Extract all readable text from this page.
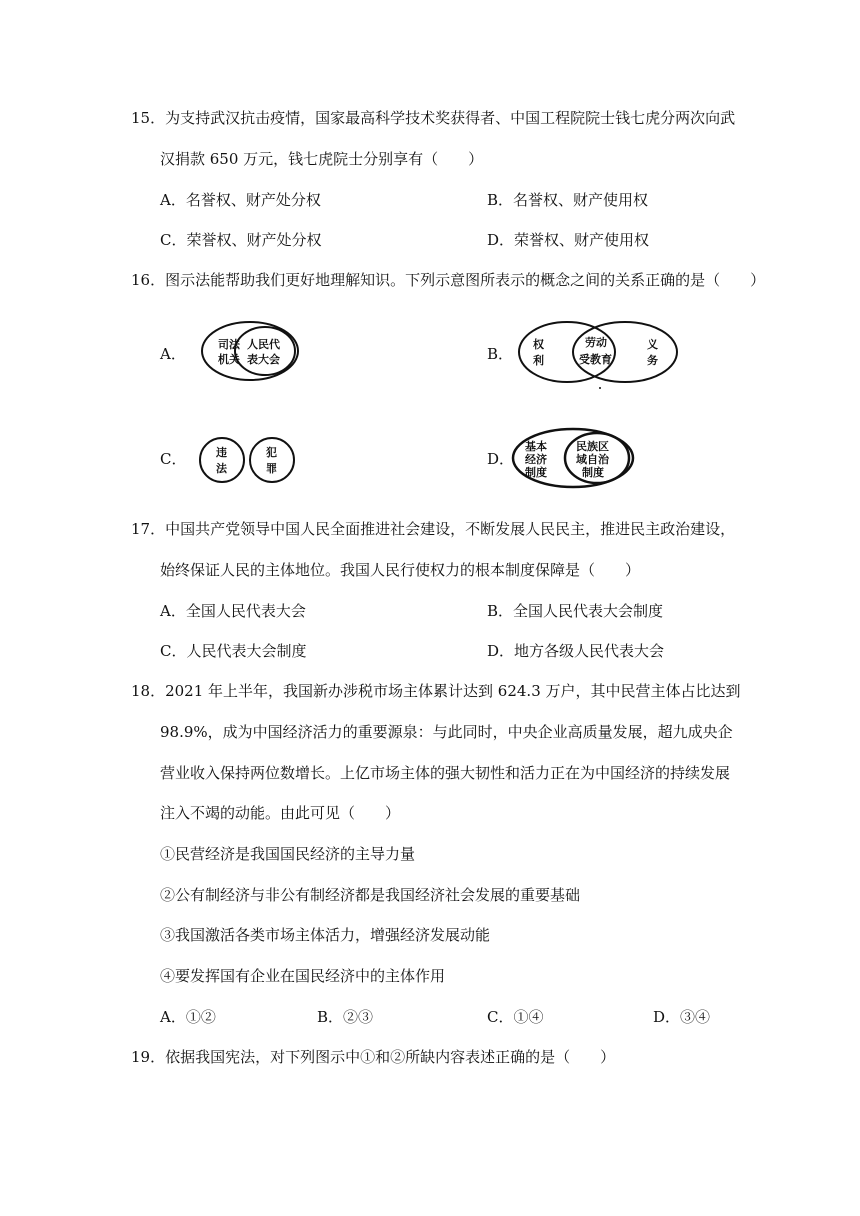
15．为支持武汉抗击疫情，国家最高科学技术奖获得者、中国工程院院士钱七虎分两次向武
汉捐款 650 万元，钱七虎院士分别享有（　　）
A．名誉权、财产处分权	B．名誉权、财产使用权
C．荣誉权、财产处分权	D．荣誉权、财产使用权
16．图示法能帮助我们更好地理解知识。下列示意图所表示的概念之间的关系正确的是（　　）
A．
司法
机关
人民代
表大会	B．
权
利
劳动
受教育
义
务
C．	违
法
犯
罪
D．
基本
经济
制度
民族区
域自治
制度
17．中国共产党领导中国人民全面推进社会建设，不断发展人民民主，推进民主政治建设，
始终保证人民的主体地位。我国人民行使权力的根本制度保障是（　　）
A．全国人民代表大会	B．全国人民代表大会制度
C．人民代表大会制度	D．地方各级人民代表大会
18．2021 年上半年，我国新办涉税市场主体累计达到 624.3 万户，其中民营主体占比达到
98.9%，成为中国经济活力的重要源泉：与此同时，中央企业高质量发展，超九成央企
营业收入保持两位数增长。上亿市场主体的强大韧性和活力正在为中国经济的持续发展
注入不竭的动能。由此可见（　　）
①民营经济是我国国民经济的主导力量
②公有制经济与非公有制经济都是我国经济社会发展的重要基础
③我国激活各类市场主体活力，增强经济发展动能
④要发挥国有企业在国民经济中的主体作用
A．①②	B．②③	C．①④	D．③④
19．依据我国宪法，对下列图示中①和②所缺内容表述正确的是（　　）
